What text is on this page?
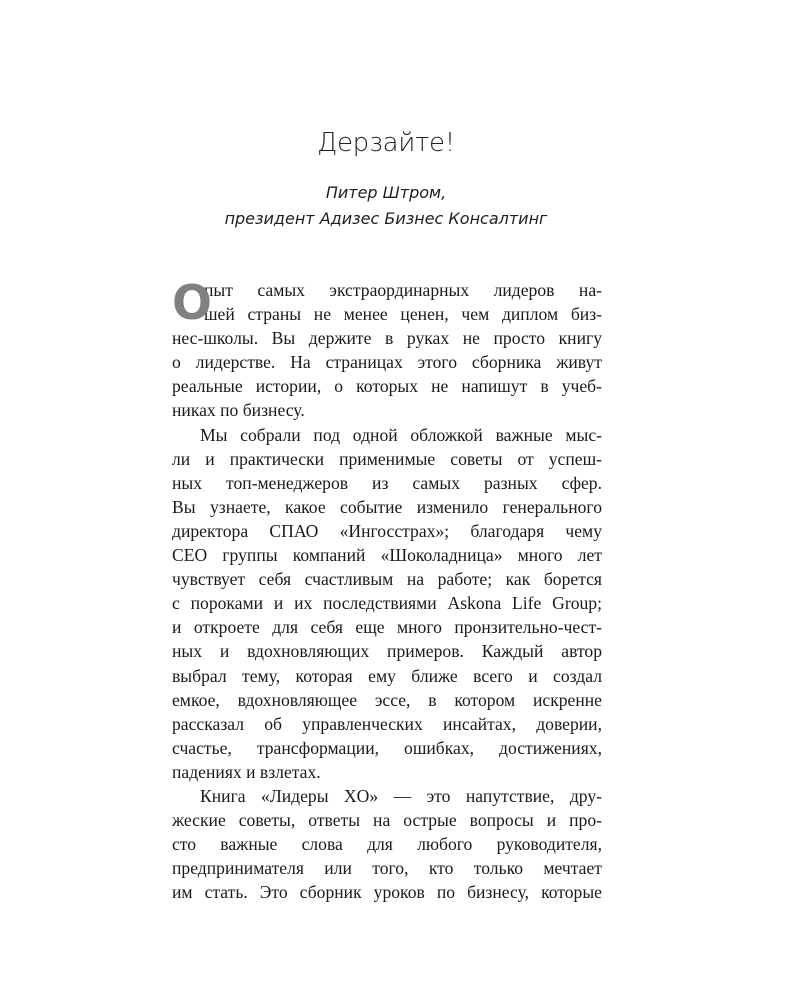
Дерзайте!
Питер Штром,
президент Адизес Бизнес Консалтинг
О
пыт самых экстраординарных лидеров на-
шей страны не менее ценен, чем диплом биз-
нес-школы. Вы держите в руках не просто книгу
о лидерстве. На страницах этого сборника живут
реальные истории, о которых не напишут в учеб-
никах по бизнесу.
Мы собрали под одной обложкой важные мыс-
ли и практически применимые советы от успеш-
ных топ-менеджеров из самых разных сфер.
Вы узнаете, какое событие изменило генерального
директора СПАО «Ингосстрах»; благодаря чему
CEO группы компаний «Шоколадница» много лет
чувствует себя счастливым на работе; как борется
с пороками и их последствиями Askona Life Group;
и откроете для себя еще много пронзительно-чест-
ных и вдохновляющих примеров. Каждый автор
выбрал тему, которая ему ближе всего и создал
емкое, вдохновляющее эссе, в котором искренне
рассказал об управленческих инсайтах, доверии,
счастье, трансформации, ошибках, достижениях,
падениях и взлетах.
Книга «Лидеры XO» — это напутствие, дру-
жеские советы, ответы на острые вопросы и про-
сто важные слова для любого руководителя,
предпринимателя или того, кто только мечтает
им стать. Это сборник уроков по бизнесу, которые
